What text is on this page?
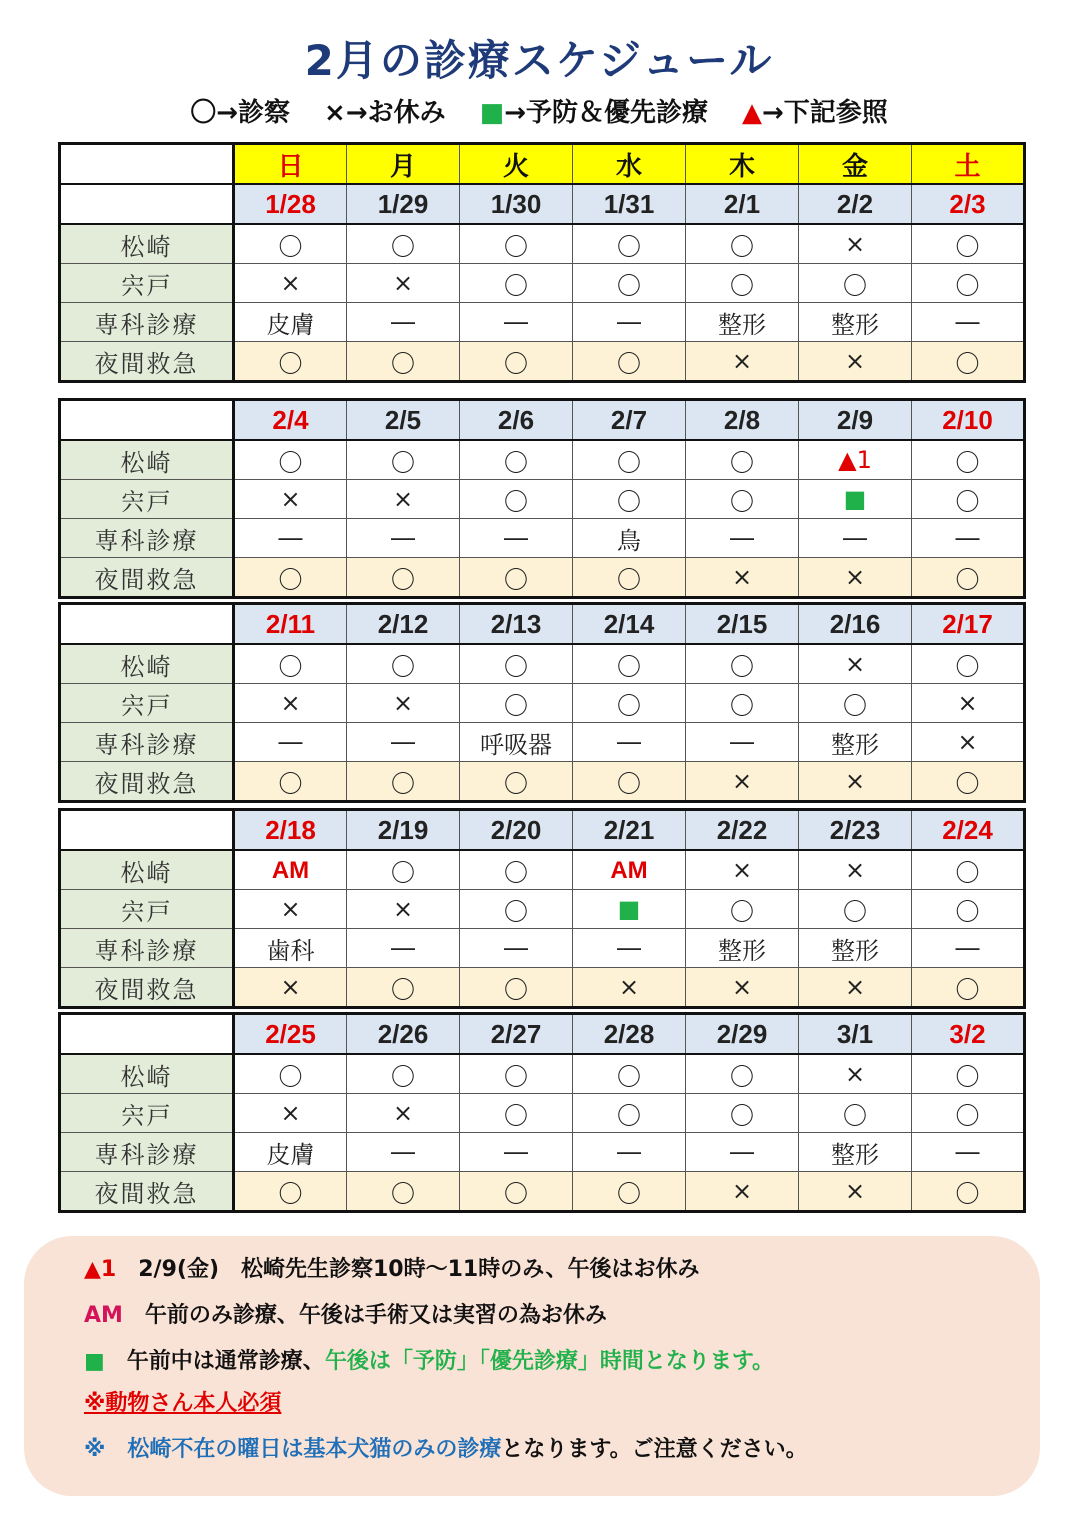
2月の診療スケジュール
〇→診察 ×→お休み ■→予防＆優先診療 ▲→下記参照
	日	月	火	水	木	金	土
	1/28	1/29	1/30	1/31	2/1	2/2	2/3
松崎	〇	〇	〇	〇	〇	×	〇
宍戸	×	×	〇	〇	〇	〇	〇
専科診療	皮膚	―	―	―	整形	整形	―
夜間救急	〇	〇	〇	〇	×	×	〇
	2/4	2/5	2/6	2/7	2/8	2/9	2/10
松崎	〇	〇	〇	〇	〇	▲1	〇
宍戸	×	×	〇	〇	〇	■	〇
専科診療	―	―	―	鳥	―	―	―
夜間救急	〇	〇	〇	〇	×	×	〇
	2/11	2/12	2/13	2/14	2/15	2/16	2/17
松崎	〇	〇	〇	〇	〇	×	〇
宍戸	×	×	〇	〇	〇	〇	×
専科診療	―	―	呼吸器	―	―	整形	×
夜間救急	〇	〇	〇	〇	×	×	〇
	2/18	2/19	2/20	2/21	2/22	2/23	2/24
松崎	AM	〇	〇	AM	×	×	〇
宍戸	×	×	〇	■	〇	〇	〇
専科診療	歯科	―	―	―	整形	整形	―
夜間救急	×	〇	〇	×	×	×	〇
	2/25	2/26	2/27	2/28	2/29	3/1	3/2
松崎	〇	〇	〇	〇	〇	×	〇
宍戸	×	×	〇	〇	〇	〇	〇
専科診療	皮膚	―	―	―	―	整形	―
夜間救急	〇	〇	〇	〇	×	×	〇
▲1 2/9(金)　松崎先生診察10時～11時のみ、午後はお休み
AM 午前のみ診療、午後は手術又は実習の為お休み
■ 午前中は通常診療、午後は「予防」「優先診療」時間となります。
※動物さん本人必須
※ 松崎不在の曜日は基本犬猫のみの診療となります。ご注意ください。
